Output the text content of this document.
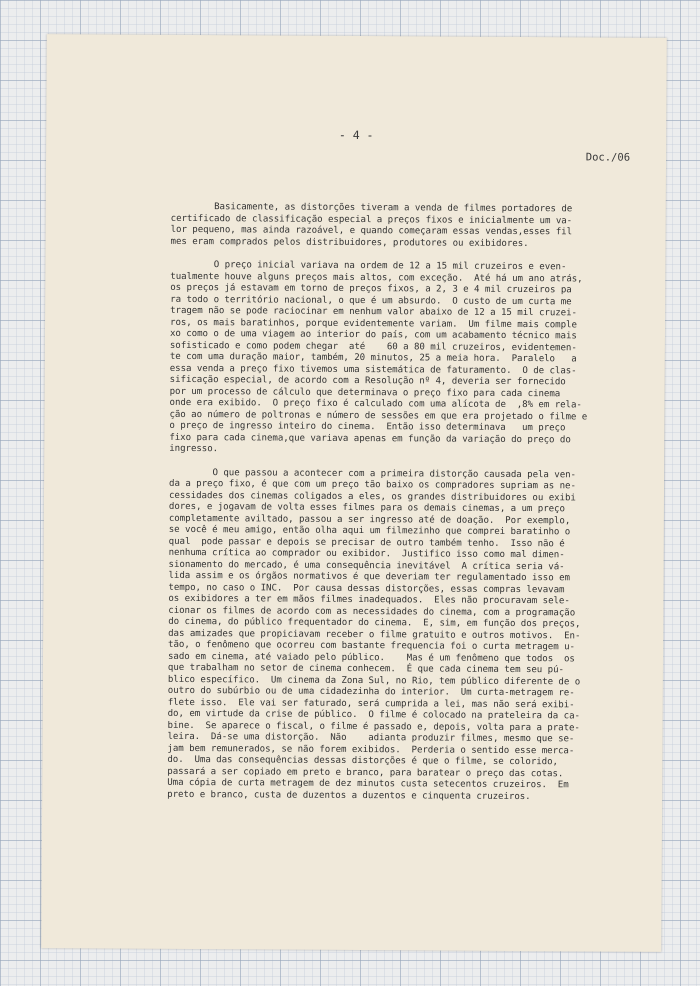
- 4 -
Doc./06
Basicamente, as distorções tiveram a venda de filmes portadores de
certificado de classificação especial a preços fixos e inicialmente um va-
lor pequeno, mas ainda razoável, e quando começaram essas vendas,esses fil
mes eram comprados pelos distribuidores, produtores ou exibidores.
O preço inicial variava na ordem de 12 a 15 mil cruzeiros e even-
tualmente houve alguns preços mais altos, com exceção.  Até há um ano atrás,
os preços já estavam em torno de preços fixos, a 2, 3 e 4 mil cruzeiros pa
ra todo o território nacional, o que é um absurdo.  O custo de um curta me
tragem não se pode raciocinar em nenhum valor abaixo de 12 a 15 mil cruzei-
ros, os mais baratinhos, porque evidentemente variam.  Um filme mais comple
xo como o de uma viagem ao interior do país, com um acabamento técnico mais
sofisticado e como podem chegar  até    60 a 80 mil cruzeiros, evidentemen-
te com uma duração maior, também, 20 minutos, 25 a meia hora.  Paralelo   a
essa venda a preço fixo tivemos uma sistemática de faturamento.  O de clas-
sificação especial, de acordo com a Resolução nº 4, deveria ser fornecido
por um processo de cálculo que determinava o preço fixo para cada cinema
onde era exibido.  O preço fixo é calculado com uma alícota de  ,8% em rela-
ção ao número de poltronas e número de sessões em que era projetado o filme e
o preço de ingresso inteiro do cinema.  Então isso determinava   um preço
fixo para cada cinema,que variava apenas em função da variação do preço do
ingresso.
O que passou a acontecer com a primeira distorção causada pela ven-
da a preço fixo, é que com um preço tão baixo os compradores supriam as ne-
cessidades dos cinemas coligados a eles, os grandes distribuidores ou exibi
dores, e jogavam de volta esses filmes para os demais cinemas, a um preço
completamente aviltado, passou a ser ingresso até de doação.  Por exemplo,
se você é meu amigo, então olha aqui um filmezinho que comprei baratinho o
qual  pode passar e depois se precisar de outro também tenho.  Isso não é
nenhuma crítica ao comprador ou exibidor.  Justifico isso como mal dimen-
sionamento do mercado, é uma consequência inevitável  A crítica seria vá-
lida assim e os órgãos normativos é que deveriam ter regulamentado isso em
tempo, no caso o INC.  Por causa dessas distorções, essas compras levavam
os exibidores a ter em mãos filmes inadequados.  Eles não procuravam sele-
cionar os filmes de acordo com as necessidades do cinema, com a programação
do cinema, do público frequentador do cinema.  E, sim, em função dos preços,
das amizades que propiciavam receber o filme gratuito e outros motivos.  En-
tão, o fenômeno que ocorreu com bastante frequencia foi o curta metragem u-
sado em cinema, até vaiado pelo público.    Mas é um fenômeno que todos  os
que trabalham no setor de cinema conhecem.  É que cada cinema tem seu pú-
blico específico.  Um cinema da Zona Sul, no Rio, tem público diferente de o
outro do subúrbio ou de uma cidadezinha do interior.  Um curta-metragem re-
flete isso.  Ele vai ser faturado, será cumprida a lei, mas não será exibi-
do, em virtude da crise de público.  O filme é colocado na prateleira da ca-
bine.  Se aparece o fiscal, o filme é passado e, depois, volta para a prate-
leira.  Dá-se uma distorção.  Não    adianta produzir filmes, mesmo que se-
jam bem remunerados, se não forem exibidos.  Perderia o sentido esse merca-
do.  Uma das consequências dessas distorções é que o filme, se colorido,
passará a ser copiado em preto e branco, para baratear o preço das cotas.
Uma cópia de curta metragem de dez minutos custa setecentos cruzeiros.  Em
preto e branco, custa de duzentos a duzentos e cinquenta cruzeiros.
